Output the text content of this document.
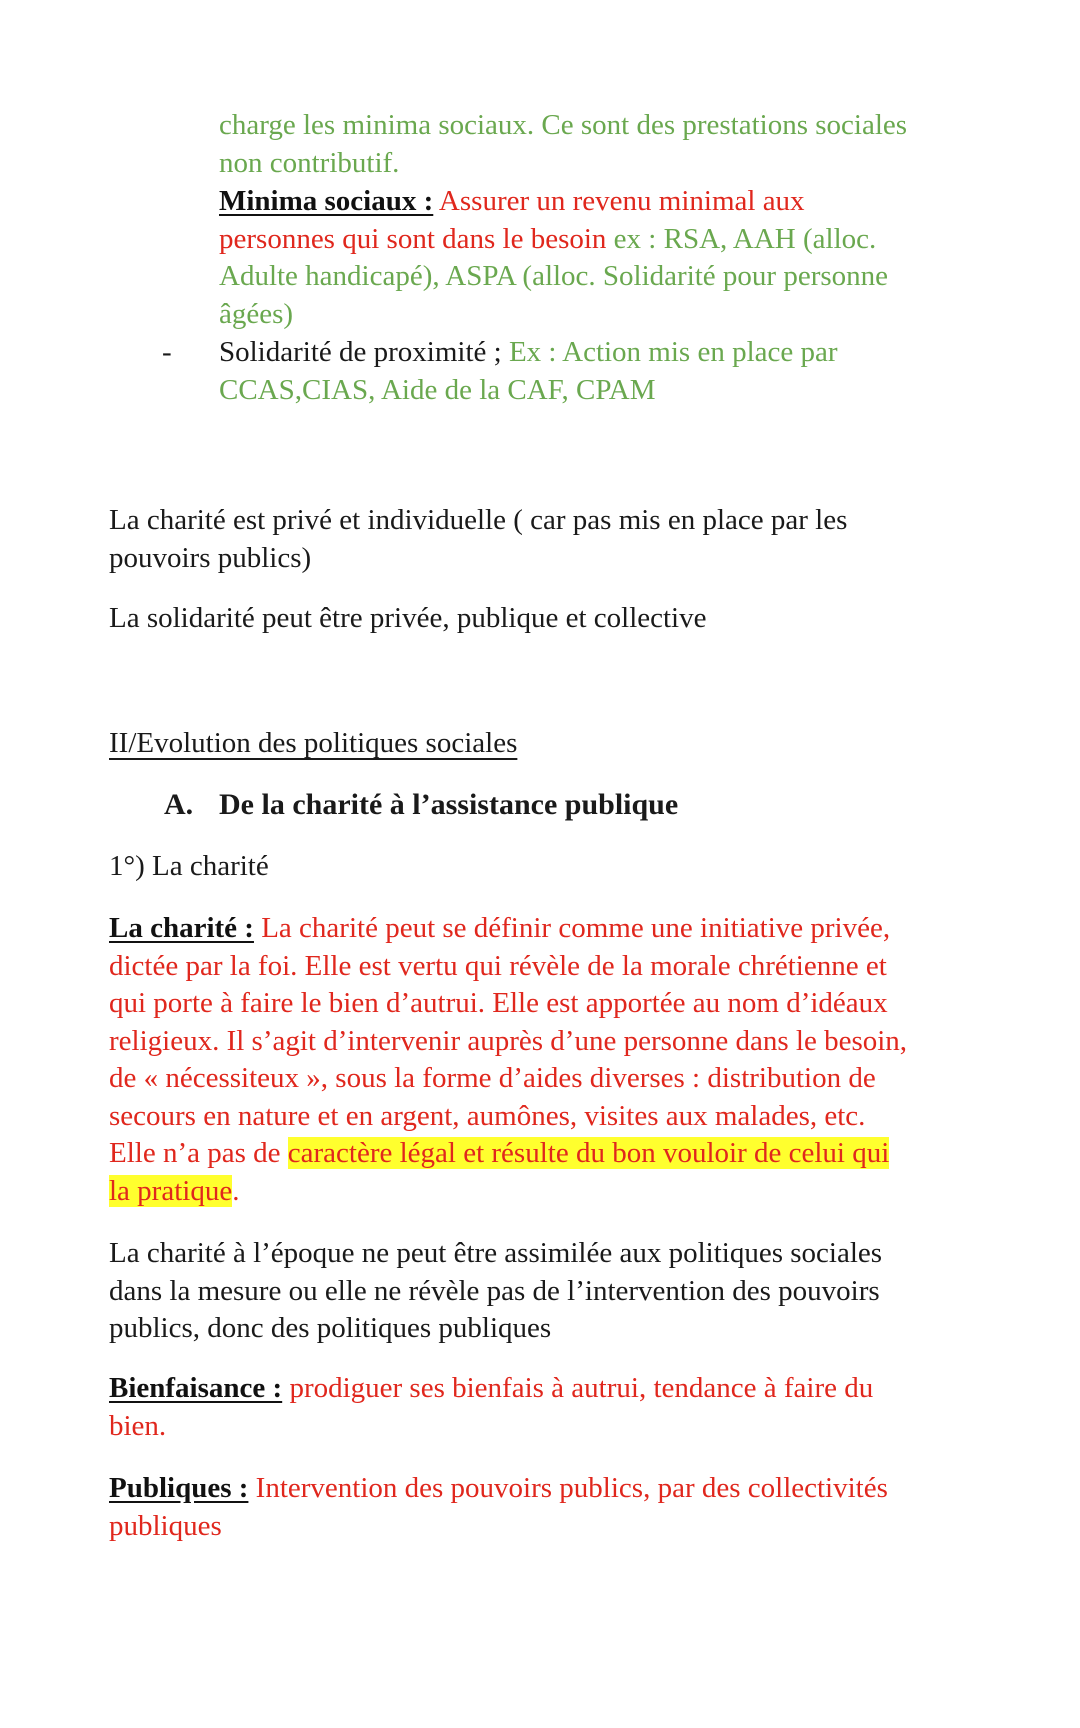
charge les minima sociaux. Ce sont des prestations sociales
non contributif.

Minima sociaux : Assurer un revenu minimal aux
personnes qui sont dans le besoin ex : RSA, AAH (alloc.
Adulte handicapé), ASPA (alloc. Solidarité pour personne
âgées)

- Solidarité de proximité ; Ex : Action mis en place par
CCAS,CIAS, Aide de la CAF, CPAM

La charité est privé et individuelle ( car pas mis en place par les
pouvoirs publics)

La solidarité peut être privée, publique et collective

II/Evolution des politiques sociales

A. De la charité à l’assistance publique

1°) La charité

La charité : La charité peut se définir comme une initiative privée,
dictée par la foi. Elle est vertu qui révèle de la morale chrétienne et
qui porte à faire le bien d’autrui. Elle est apportée au nom d’idéaux
religieux. Il s’agit d’intervenir auprès d’une personne dans le besoin,
de « nécessiteux », sous la forme d’aides diverses : distribution de
secours en nature et en argent, aumônes, visites aux malades, etc.
Elle n’a pas de caractère légal et résulte du bon vouloir de celui qui
la pratique.

La charité à l’époque ne peut être assimilée aux politiques sociales
dans la mesure ou elle ne révèle pas de l’intervention des pouvoirs
publics, donc des politiques publiques

Bienfaisance : prodiguer ses bienfais à autrui, tendance à faire du
bien.

Publiques : Intervention des pouvoirs publics, par des collectivités
publiques
